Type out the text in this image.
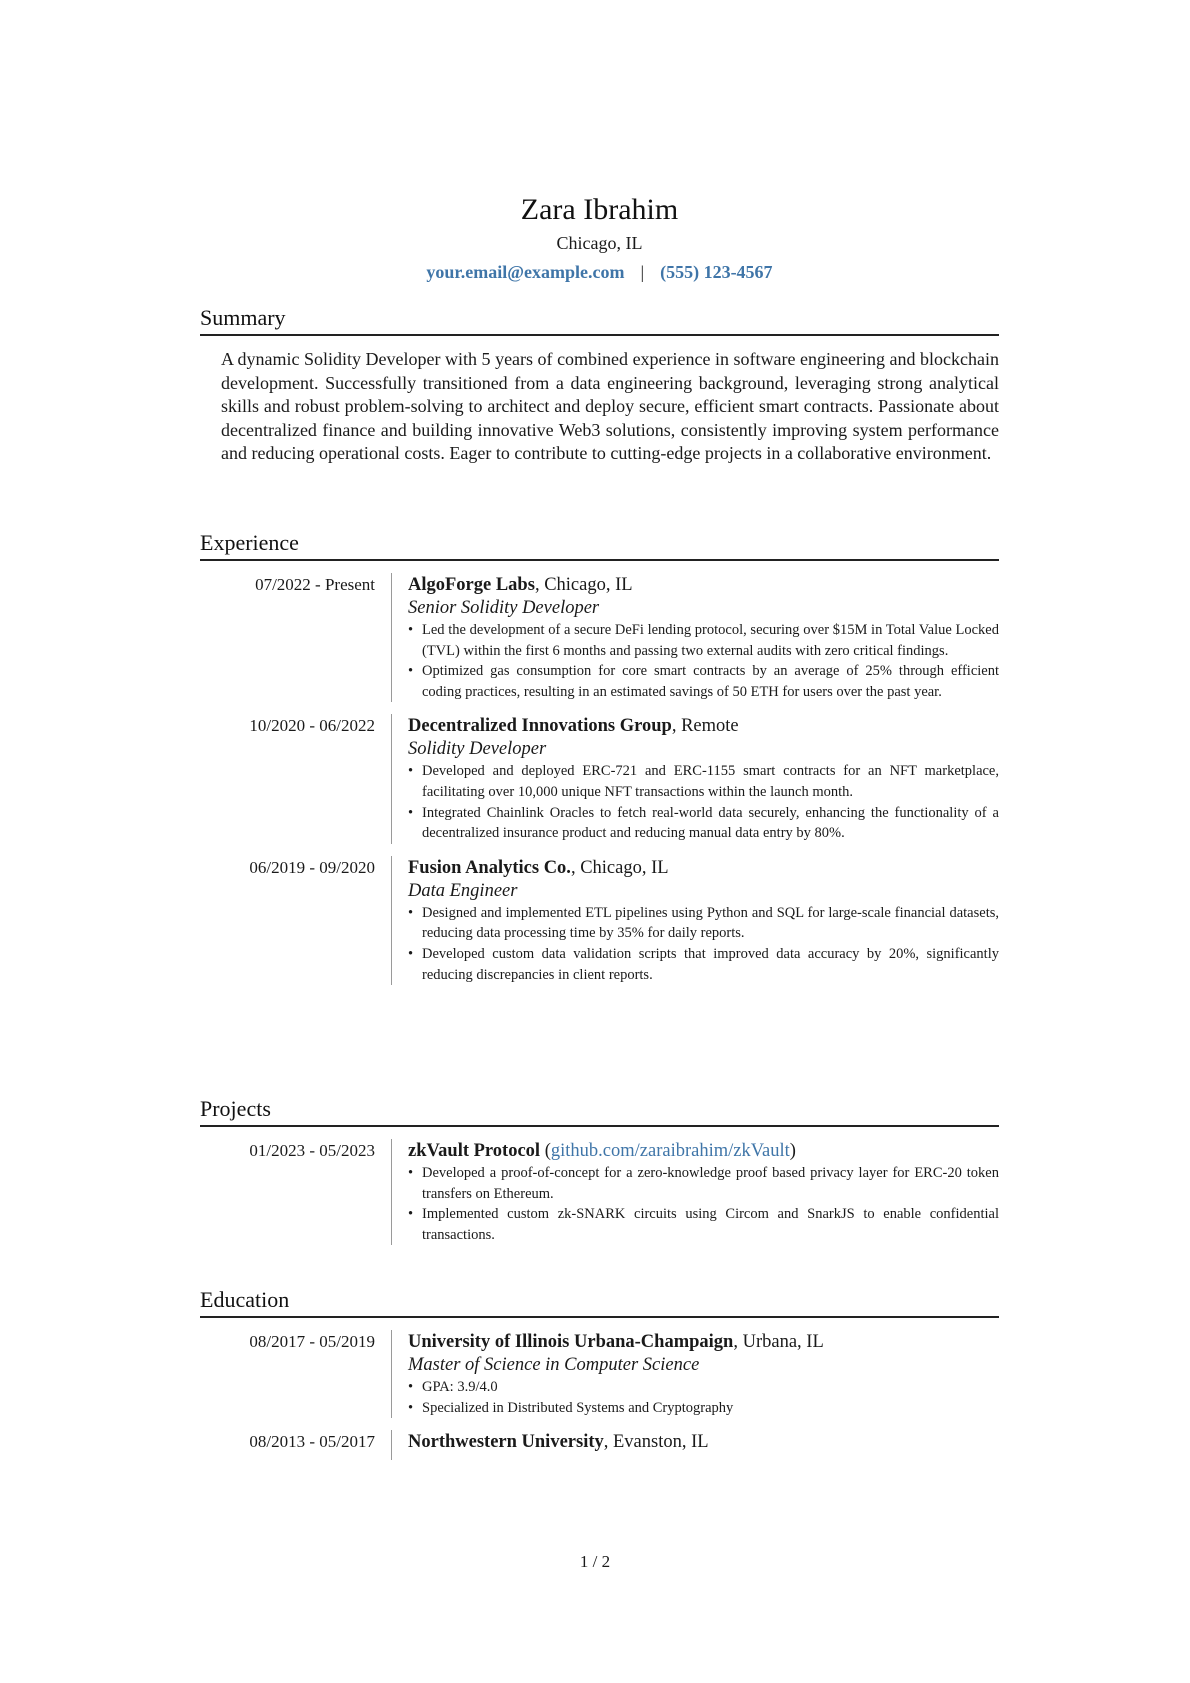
Zara Ibrahim
Chicago, IL
your.email@example.com | (555) 123-4567
Summary
A dynamic Solidity Developer with 5 years of combined experience in software engineering and blockchain development. Successfully transitioned from a data engineering background, leveraging strong analytical skills and robust problem-solving to architect and deploy secure, efficient smart contracts. Passionate about decentralized finance and building innovative Web3 solutions, consistently improving system performance and reducing operational costs. Eager to contribute to cutting-edge projects in a collaborative environment.
Experience
07/2022 - Present	AlgoForge Labs, Chicago, IL
Senior Solidity Developer
• Led the development of a secure DeFi lending protocol, securing over $15M in Total Value Locked (TVL) within the first 6 months and passing two external audits with zero critical findings.
• Optimized gas consumption for core smart contracts by an average of 25% through efficient coding practices, resulting in an estimated savings of 50 ETH for users over the past year.
10/2020 - 06/2022	Decentralized Innovations Group, Remote
Solidity Developer
• Developed and deployed ERC-721 and ERC-1155 smart contracts for an NFT marketplace, facilitating over 10,000 unique NFT transactions within the launch month.
• Integrated Chainlink Oracles to fetch real-world data securely, enhancing the functionality of a decentralized insurance product and reducing manual data entry by 80%.
06/2019 - 09/2020	Fusion Analytics Co., Chicago, IL
Data Engineer
• Designed and implemented ETL pipelines using Python and SQL for large-scale financial datasets, reducing data processing time by 35% for daily reports.
• Developed custom data validation scripts that improved data accuracy by 20%, significantly reducing discrepancies in client reports.
Projects
01/2023 - 05/2023	zkVault Protocol (github.com/zaraibrahim/zkVault)
• Developed a proof-of-concept for a zero-knowledge proof based privacy layer for ERC-20 token transfers on Ethereum.
• Implemented custom zk-SNARK circuits using Circom and SnarkJS to enable confidential transactions.
Education
08/2017 - 05/2019	University of Illinois Urbana-Champaign, Urbana, IL
Master of Science in Computer Science
• GPA: 3.9/4.0
• Specialized in Distributed Systems and Cryptography
08/2013 - 05/2017	Northwestern University, Evanston, IL
1 / 2
